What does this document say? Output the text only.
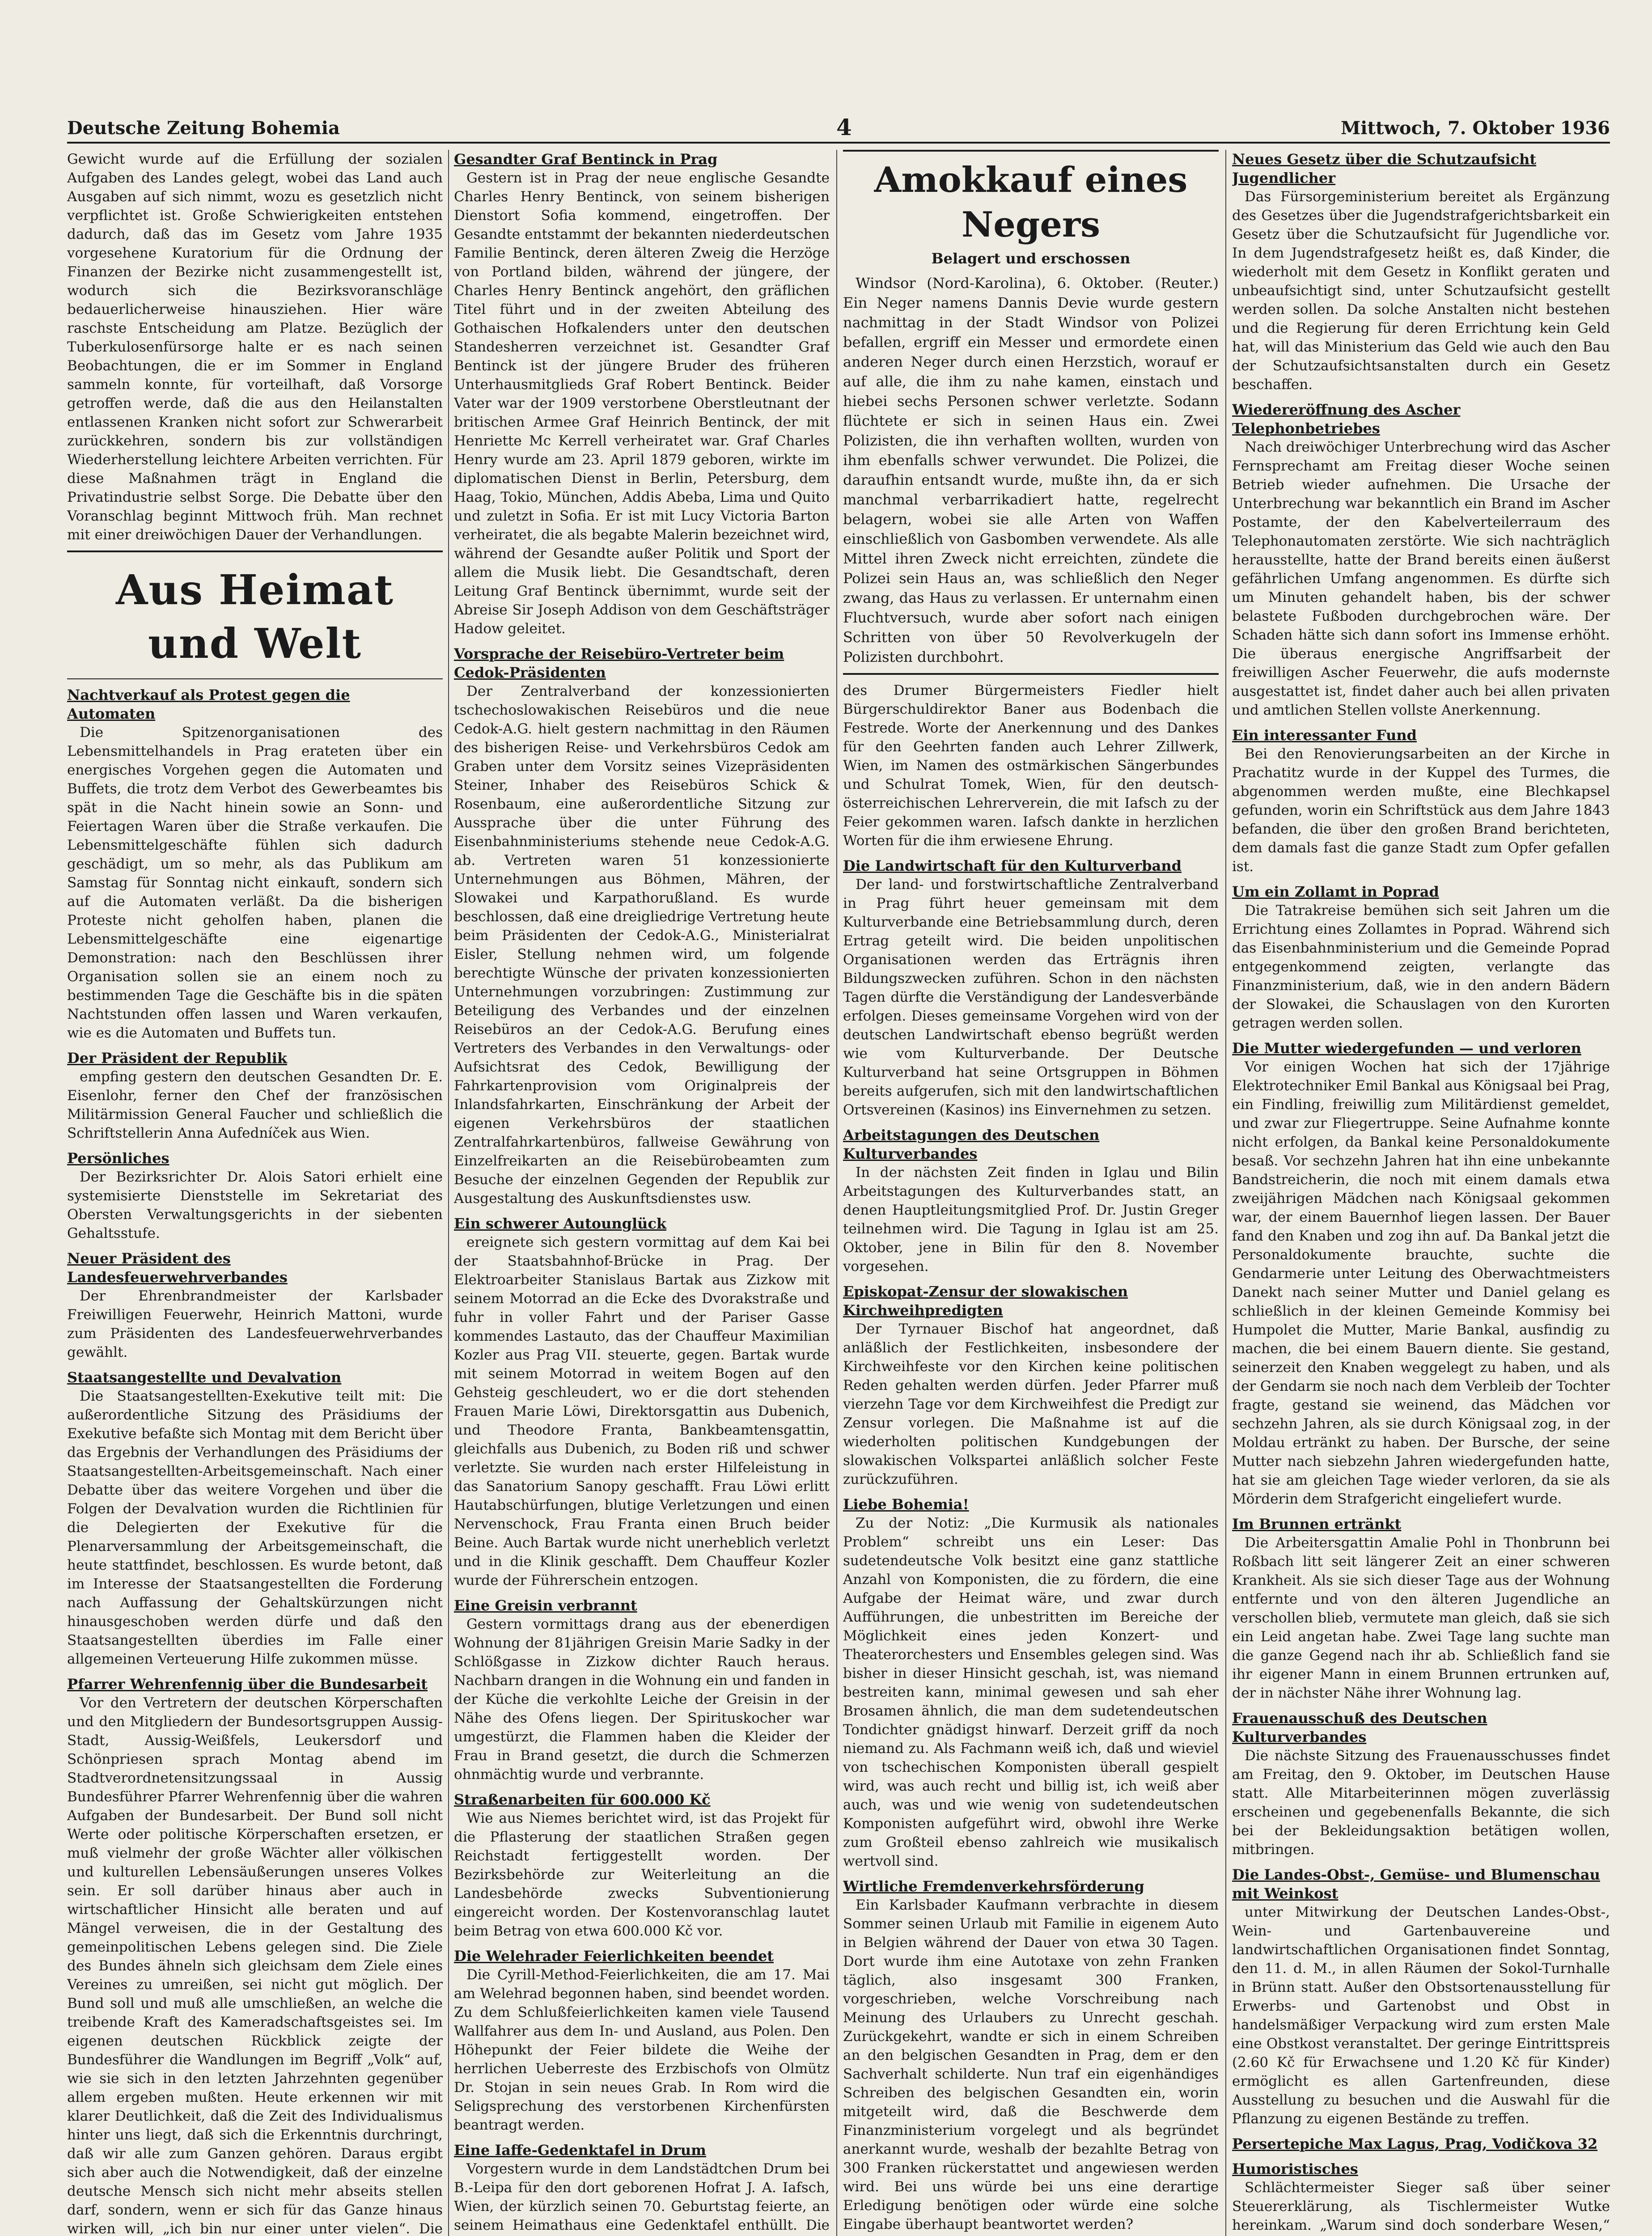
Deutsche Zeitung Bohemia	4	Mittwoch, 7. Oktober 1936
Gewicht wurde auf die Erfüllung der sozialen Aufgaben des Landes gelegt, wobei das Land auch Ausgaben auf sich nimmt, wozu es gesetzlich nicht verpflichtet ist. Große Schwierigkeiten entstehen dadurch, daß das im Gesetz vom Jahre 1935 vorgesehene Kuratorium für die Ordnung der Finanzen der Bezirke nicht zusammengestellt ist, wodurch sich die Bezirksvoranschläge bedauerlicherweise hinausziehen. Hier wäre raschste Entscheidung am Platze. Bezüglich der Tuberkulosenfürsorge halte er es nach seinen Beobachtungen, die er im Sommer in England sammeln konnte, für vorteilhaft, daß Vorsorge getroffen werde, daß die aus den Heilanstalten entlassenen Kranken nicht sofort zur Schwerarbeit zurückkehren, sondern bis zur vollständigen Wiederherstellung leichtere Arbeiten verrichten. Für diese Maßnahmen trägt in England die Privatindustrie selbst Sorge. Die Debatte über den Voranschlag beginnt Mittwoch früh. Man rechnet mit einer dreiwöchigen Dauer der Verhandlungen.
Aus Heimat und Welt
Nachtverkauf als Protest gegen die Automaten
Die Spitzenorganisationen des Lebensmittelhandels in Prag erateten über ein energisches Vorgehen gegen die Automaten und Buffets, die trotz dem Verbot des Gewerbeamtes bis spät in die Nacht hinein sowie an Sonn- und Feiertagen Waren über die Straße verkaufen. Die Lebensmittelgeschäfte fühlen sich dadurch geschädigt, um so mehr, als das Publikum am Samstag für Sonntag nicht einkauft, sondern sich auf die Automaten verläßt. Da die bisherigen Proteste nicht geholfen haben, planen die Lebensmittelgeschäfte eine eigenartige Demonstration: nach den Beschlüssen ihrer Organisation sollen sie an einem noch zu bestimmenden Tage die Geschäfte bis in die späten Nachtstunden offen lassen und Waren verkaufen, wie es die Automaten und Buffets tun.
Der Präsident der Republik
empfing gestern den deutschen Gesandten Dr. E. Eisenlohr, ferner den Chef der französischen Militärmission General Faucher und schließlich die Schriftstellerin Anna Aufedníček aus Wien.
Persönliches
Der Bezirksrichter Dr. Alois Satori erhielt eine systemisierte Dienststelle im Sekretariat des Obersten Verwaltungsgerichts in der siebenten Gehaltsstufe.
Neuer Präsident des Landesfeuerwehrverbandes
Der Ehrenbrandmeister der Karlsbader Freiwilligen Feuerwehr, Heinrich Mattoni, wurde zum Präsidenten des Landesfeuerwehrverbandes gewählt.
Staatsangestellte und Devalvation
Die Staatsangestellten-Exekutive teilt mit: Die außerordentliche Sitzung des Präsidiums der Exekutive befaßte sich Montag mit dem Bericht über das Ergebnis der Verhandlungen des Präsidiums der Staatsangestellten-Arbeitsgemeinschaft. Nach einer Debatte über das weitere Vorgehen und über die Folgen der Devalvation wurden die Richtlinien für die Delegierten der Exekutive für die Plenarversammlung der Arbeitsgemeinschaft, die heute stattfindet, beschlossen. Es wurde betont, daß im Interesse der Staatsangestellten die Forderung nach Auffassung der Gehaltskürzungen nicht hinausgeschoben werden dürfe und daß den Staatsangestellten überdies im Falle einer allgemeinen Verteuerung Hilfe zukommen müsse.
Pfarrer Wehrenfennig über die Bundesarbeit
Vor den Vertretern der deutschen Körperschaften und den Mitgliedern der Bundesortsgruppen Aussig-Stadt, Aussig-Weißfels, Leukersdorf und Schönpriesen sprach Montag abend im Stadtverordnetensitzungssaal in Aussig Bundesführer Pfarrer Wehrenfennig über die wahren Aufgaben der Bundesarbeit. Der Bund soll nicht Werte oder politische Körperschaften ersetzen, er muß vielmehr der große Wächter aller völkischen und kulturellen Lebensäußerungen unseres Volkes sein. Er soll darüber hinaus aber auch in wirtschaftlicher Hinsicht alle beraten und auf Mängel verweisen, die in der Gestaltung des gemeinpolitischen Lebens gelegen sind. Die Ziele des Bundes ähneln sich gleichsam dem Ziele eines Vereines zu umreißen, sei nicht gut möglich. Der Bund soll und muß alle umschließen, an welche die treibende Kraft des Kameradschaftsgeistes sei. Im eigenen deutschen Rückblick zeigte der Bundesführer die Wandlungen im Begriff „Volk“ auf, wie sie sich in den letzten Jahrzehnten gegenüber allem ergeben mußten. Heute erkennen wir mit klarer Deutlichkeit, daß die Zeit des Individualismus hinter uns liegt, daß sich die Erkenntnis durchringt, daß wir alle zum Ganzen gehören. Daraus ergibt sich aber auch die Notwendigkeit, daß der einzelne deutsche Mensch sich nicht mehr abseits stellen darf, sondern, wenn er sich für das Ganze hinaus wirken will, „ich bin nur einer unter vielen“. Die
Gesandter Graf Bentinck in Prag
Gestern ist in Prag der neue englische Gesandte Charles Henry Bentinck, von seinem bisherigen Dienstort Sofia kommend, eingetroffen. Der Gesandte entstammt der bekannten niederdeutschen Familie Bentinck, deren älteren Zweig die Herzöge von Portland bilden, während der jüngere, der Charles Henry Bentinck angehört, den gräflichen Titel führt und in der zweiten Abteilung des Gothaischen Hofkalenders unter den deutschen Standesherren verzeichnet ist. Gesandter Graf Bentinck ist der jüngere Bruder des früheren Unterhausmitglieds Graf Robert Bentinck. Beider Vater war der 1909 verstorbene Oberstleutnant der britischen Armee Graf Heinrich Bentinck, der mit Henriette Mc Kerrell verheiratet war. Graf Charles Henry wurde am 23. April 1879 geboren, wirkte im diplomatischen Dienst in Berlin, Petersburg, dem Haag, Tokio, München, Addis Abeba, Lima und Quito und zuletzt in Sofia. Er ist mit Lucy Victoria Barton verheiratet, die als begabte Malerin bezeichnet wird, während der Gesandte außer Politik und Sport der allem die Musik liebt. Die Gesandtschaft, deren Leitung Graf Bentinck übernimmt, wurde seit der Abreise Sir Joseph Addison von dem Geschäftsträger Hadow geleitet.
Vorsprache der Reisebüro-Vertreter beim Cedok-Präsidenten
Der Zentralverband der konzessionierten tschechoslowakischen Reisebüros und die neue Cedok-A.G. hielt gestern nachmittag in den Räumen des bisherigen Reise- und Verkehrsbüros Cedok am Graben unter dem Vorsitz seines Vizepräsidenten Steiner, Inhaber des Reisebüros Schick & Rosenbaum, eine außerordentliche Sitzung zur Aussprache über die unter Führung des Eisenbahnministeriums stehende neue Cedok-A.G. ab. Vertreten waren 51 konzessionierte Unternehmungen aus Böhmen, Mähren, der Slowakei und Karpathorußland. Es wurde beschlossen, daß eine dreigliedrige Vertretung heute beim Präsidenten der Cedok-A.G., Ministerialrat Eisler, Stellung nehmen wird, um folgende berechtigte Wünsche der privaten konzessionierten Unternehmungen vorzubringen: Zustimmung zur Beteiligung des Verbandes und der einzelnen Reisebüros an der Cedok-A.G. Berufung eines Vertreters des Verbandes in den Verwaltungs- oder Aufsichtsrat des Cedok, Bewilligung der Fahrkartenprovision vom Originalpreis der Inlandsfahrkarten, Einschränkung der Arbeit der eigenen Verkehrsbüros der staatlichen Zentralfahrkartenbüros, fallweise Gewährung von Einzelfreikarten an die Reisebürobeamten zum Besuche der einzelnen Gegenden der Republik zur Ausgestaltung des Auskunftsdienstes usw.
Ein schwerer Autounglück
ereignete sich gestern vormittag auf dem Kai bei der Staatsbahnhof-Brücke in Prag. Der Elektroarbeiter Stanislaus Bartak aus Zizkow mit seinem Motorrad an die Ecke des Dvorakstraße und fuhr in voller Fahrt und der Pariser Gasse kommendes Lastauto, das der Chauffeur Maximilian Kozler aus Prag VII. steuerte, gegen. Bartak wurde mit seinem Motorrad in weitem Bogen auf den Gehsteig geschleudert, wo er die dort stehenden Frauen Marie Löwi, Direktorsgattin aus Dubenich, und Theodore Franta, Bankbeamtensgattin, gleichfalls aus Dubenich, zu Boden riß und schwer verletzte. Sie wurden nach erster Hilfeleistung in das Sanatorium Sanopy geschafft. Frau Löwi erlitt Hautabschürfungen, blutige Verletzungen und einen Nervenschock, Frau Franta einen Bruch beider Beine. Auch Bartak wurde nicht unerheblich verletzt und in die Klinik geschafft. Dem Chauffeur Kozler wurde der Führerschein entzogen.
Eine Greisin verbrannt
Gestern vormittags drang aus der ebenerdigen Wohnung der 81jährigen Greisin Marie Sadky in der Schlößgasse in Zizkow dichter Rauch heraus. Nachbarn drangen in die Wohnung ein und fanden in der Küche die verkohlte Leiche der Greisin in der Nähe des Ofens liegen. Der Spirituskocher war umgestürzt, die Flammen haben die Kleider der Frau in Brand gesetzt, die durch die Schmerzen ohnmächtig wurde und verbrannte.
Straßenarbeiten für 600.000 Kč
Wie aus Niemes berichtet wird, ist das Projekt für die Pflasterung der staatlichen Straßen gegen Reichstadt fertiggestellt worden. Der Bezirksbehörde zur Weiterleitung an die Landesbehörde zwecks Subventionierung eingereicht worden. Der Kostenvoranschlag lautet beim Betrag von etwa 600.000 Kč vor.
Die Welehrader Feierlichkeiten beendet
Die Cyrill-Method-Feierlichkeiten, die am 17. Mai am Welehrad begonnen haben, sind beendet worden. Zu dem Schlußfeierlichkeiten kamen viele Tausend Wallfahrer aus dem In- und Ausland, aus Polen. Den Höhepunkt der Feier bildete die Weihe der herrlichen Ueberreste des Erzbischofs von Olmütz Dr. Stojan in sein neues Grab. In Rom wird die Seligsprechung des verstorbenen Kirchenfürsten beantragt werden.
Eine Iaffe-Gedenktafel in Drum
Vorgestern wurde in dem Landstädtchen Drum bei B.-Leipa für den dort geborenen Hofrat J. A. Iafsch, Wien, der kürzlich seinen 70. Geburtstag feierte, an seinem Heimathaus eine Gedenktafel enthüllt. Die
Amokkauf eines Negers
Belagert und erschossen
Windsor (Nord-Karolina), 6. Oktober. (Reuter.) Ein Neger namens Dannis Devie wurde gestern nachmittag in der Stadt Windsor von Polizei befallen, ergriff ein Messer und ermordete einen anderen Neger durch einen Herzstich, worauf er auf alle, die ihm zu nahe kamen, einstach und hiebei sechs Personen schwer verletzte. Sodann flüchtete er sich in seinen Haus ein. Zwei Polizisten, die ihn verhaften wollten, wurden von ihm ebenfalls schwer verwundet. Die Polizei, die daraufhin entsandt wurde, mußte ihn, da er sich manchmal verbarrikadiert hatte, regelrecht belagern, wobei sie alle Arten von Waffen einschließlich von Gasbomben verwendete. Als alle Mittel ihren Zweck nicht erreichten, zündete die Polizei sein Haus an, was schließlich den Neger zwang, das Haus zu verlassen. Er unternahm einen Fluchtversuch, wurde aber sofort nach einigen Schritten von über 50 Revolverkugeln der Polizisten durchbohrt.
des Drumer Bürgermeisters Fiedler hielt Bürgerschuldirektor Baner aus Bodenbach die Festrede. Worte der Anerkennung und des Dankes für den Geehrten fanden auch Lehrer Zillwerk, Wien, im Namen des ostmärkischen Sängerbundes und Schulrat Tomek, Wien, für den deutsch-österreichischen Lehrerverein, die mit Iafsch zu der Feier gekommen waren. Iafsch dankte in herzlichen Worten für die ihm erwiesene Ehrung.
Die Landwirtschaft für den Kulturverband
Der land- und forstwirtschaftliche Zentralverband in Prag führt heuer gemeinsam mit dem Kulturverbande eine Betriebsammlung durch, deren Ertrag geteilt wird. Die beiden unpolitischen Organisationen werden das Erträgnis ihren Bildungszwecken zuführen. Schon in den nächsten Tagen dürfte die Verständigung der Landesverbände erfolgen. Dieses gemeinsame Vorgehen wird von der deutschen Landwirtschaft ebenso begrüßt werden wie vom Kulturverbande. Der Deutsche Kulturverband hat seine Ortsgruppen in Böhmen bereits aufgerufen, sich mit den landwirtschaftlichen Ortsvereinen (Kasinos) ins Einvernehmen zu setzen.
Arbeitstagungen des Deutschen Kulturverbandes
In der nächsten Zeit finden in Iglau und Bilin Arbeitstagungen des Kulturverbandes statt, an denen Hauptleitungsmitglied Prof. Dr. Justin Greger teilnehmen wird. Die Tagung in Iglau ist am 25. Oktober, jene in Bilin für den 8. November vorgesehen.
Episkopat-Zensur der slowakischen Kirchweihpredigten
Der Tyrnauer Bischof hat angeordnet, daß anläßlich der Festlichkeiten, insbesondere der Kirchweihfeste vor den Kirchen keine politischen Reden gehalten werden dürfen. Jeder Pfarrer muß vierzehn Tage vor dem Kirchweihfest die Predigt zur Zensur vorlegen. Die Maßnahme ist auf die wiederholten politischen Kundgebungen der slowakischen Volkspartei anläßlich solcher Feste zurückzuführen.
Liebe Bohemia!
Zu der Notiz: „Die Kurmusik als nationales Problem“ schreibt uns ein Leser: Das sudetendeutsche Volk besitzt eine ganz stattliche Anzahl von Komponisten, die zu fördern, die eine Aufgabe der Heimat wäre, und zwar durch Aufführungen, die unbestritten im Bereiche der Möglichkeit eines jeden Konzert- und Theaterorchesters und Ensembles gelegen sind. Was bisher in dieser Hinsicht geschah, ist, was niemand bestreiten kann, minimal gewesen und sah eher Brosamen ähnlich, die man dem sudetendeutschen Tondichter gnädigst hinwarf. Derzeit griff da noch niemand zu. Als Fachmann weiß ich, daß und wieviel von tschechischen Komponisten überall gespielt wird, was auch recht und billig ist, ich weiß aber auch, was und wie wenig von sudetendeutschen Komponisten aufgeführt wird, obwohl ihre Werke zum Großteil ebenso zahlreich wie musikalisch wertvoll sind.
Wirtliche Fremdenverkehrsförderung
Ein Karlsbader Kaufmann verbrachte in diesem Sommer seinen Urlaub mit Familie in eigenem Auto in Belgien während der Dauer von etwa 30 Tagen. Dort wurde ihm eine Autotaxe von zehn Franken täglich, also insgesamt 300 Franken, vorgeschrieben, welche Vorschreibung nach Meinung des Urlaubers zu Unrecht geschah. Zurückgekehrt, wandte er sich in einem Schreiben an den belgischen Gesandten in Prag, dem er den Sachverhalt schilderte. Nun traf ein eigenhändiges Schreiben des belgischen Gesandten ein, worin mitgeteilt wird, daß die Beschwerde dem Finanzministerium vorgelegt und als begründet anerkannt wurde, weshalb der bezahlte Betrag von 300 Franken rückerstattet und angewiesen werden wird. Bei uns würde bei uns eine derartige Erledigung benötigen oder würde eine solche Eingabe überhaupt beantwortet werden?
Neues Gesetz über die Schutzaufsicht Jugendlicher
Das Fürsorgeministerium bereitet als Ergänzung des Gesetzes über die Jugendstrafgerichtsbarkeit ein Gesetz über die Schutzaufsicht für Jugendliche vor. In dem Jugendstrafgesetz heißt es, daß Kinder, die wiederholt mit dem Gesetz in Konflikt geraten und unbeaufsichtigt sind, unter Schutzaufsicht gestellt werden sollen. Da solche Anstalten nicht bestehen und die Regierung für deren Errichtung kein Geld hat, will das Ministerium das Geld wie auch den Bau der Schutzaufsichtsanstalten durch ein Gesetz beschaffen.
Wiedereröffnung des Ascher Telephonbetriebes
Nach dreiwöchiger Unterbrechung wird das Ascher Fernsprechamt am Freitag dieser Woche seinen Betrieb wieder aufnehmen. Die Ursache der Unterbrechung war bekanntlich ein Brand im Ascher Postamte, der den Kabelverteilerraum des Telephonautomaten zerstörte. Wie sich nachträglich herausstellte, hatte der Brand bereits einen äußerst gefährlichen Umfang angenommen. Es dürfte sich um Minuten gehandelt haben, bis der schwer belastete Fußboden durchgebrochen wäre. Der Schaden hätte sich dann sofort ins Immense erhöht. Die überaus energische Angriffsarbeit der freiwilligen Ascher Feuerwehr, die aufs modernste ausgestattet ist, findet daher auch bei allen privaten und amtlichen Stellen vollste Anerkennung.
Ein interessanter Fund
Bei den Renovierungsarbeiten an der Kirche in Prachatitz wurde in der Kuppel des Turmes, die abgenommen werden mußte, eine Blechkapsel gefunden, worin ein Schriftstück aus dem Jahre 1843 befanden, die über den großen Brand berichteten, dem damals fast die ganze Stadt zum Opfer gefallen ist.
Um ein Zollamt in Poprad
Die Tatrakreise bemühen sich seit Jahren um die Errichtung eines Zollamtes in Poprad. Während sich das Eisenbahnministerium und die Gemeinde Poprad entgegenkommend zeigten, verlangte das Finanzministerium, daß, wie in den andern Bädern der Slowakei, die Schauslagen von den Kurorten getragen werden sollen.
Die Mutter wiedergefunden — und verloren
Vor einigen Wochen hat sich der 17jährige Elektrotechniker Emil Bankal aus Königsaal bei Prag, ein Findling, freiwillig zum Militärdienst gemeldet, und zwar zur Fliegertruppe. Seine Aufnahme konnte nicht erfolgen, da Bankal keine Personaldokumente besaß. Vor sechzehn Jahren hat ihn eine unbekannte Bandstreicherin, die noch mit einem damals etwa zweijährigen Mädchen nach Königsaal gekommen war, der einem Bauernhof liegen lassen. Der Bauer fand den Knaben und zog ihn auf. Da Bankal jetzt die Personaldokumente brauchte, suchte die Gendarmerie unter Leitung des Oberwachtmeisters Danekt nach seiner Mutter und Daniel gelang es schließlich in der kleinen Gemeinde Kommisy bei Humpolet die Mutter, Marie Bankal, ausfindig zu machen, die bei einem Bauern diente. Sie gestand, seinerzeit den Knaben weggelegt zu haben, und als der Gendarm sie noch nach dem Verbleib der Tochter fragte, gestand sie weinend, das Mädchen vor sechzehn Jahren, als sie durch Königsaal zog, in der Moldau ertränkt zu haben. Der Bursche, der seine Mutter nach siebzehn Jahren wiedergefunden hatte, hat sie am gleichen Tage wieder verloren, da sie als Mörderin dem Strafgericht eingeliefert wurde.
Im Brunnen ertränkt
Die Arbeitersgattin Amalie Pohl in Thonbrunn bei Roßbach litt seit längerer Zeit an einer schweren Krankheit. Als sie sich dieser Tage aus der Wohnung entfernte und von den älteren Jugendliche an verschollen blieb, vermutete man gleich, daß sie sich ein Leid angetan habe. Zwei Tage lang suchte man die ganze Gegend nach ihr ab. Schließlich fand sie ihr eigener Mann in einem Brunnen ertrunken auf, der in nächster Nähe ihrer Wohnung lag.
Frauenausschuß des Deutschen Kulturverbandes
Die nächste Sitzung des Frauenausschusses findet am Freitag, den 9. Oktober, im Deutschen Hause statt. Alle Mitarbeiterinnen mögen zuverlässig erscheinen und gegebenenfalls Bekannte, die sich bei der Bekleidungsaktion betätigen wollen, mitbringen.
Die Landes-Obst-, Gemüse- und Blumenschau mit Weinkost
unter Mitwirkung der Deutschen Landes-Obst-, Wein- und Gartenbauvereine und landwirtschaftlichen Organisationen findet Sonntag, den 11. d. M., in allen Räumen der Sokol-Turnhalle in Brünn statt. Außer den Obstsortenausstellung für Erwerbs- und Gartenobst und Obst in handelsmäßiger Verpackung wird zum ersten Male eine Obstkost veranstaltet. Der geringe Eintrittspreis (2.60 Kč für Erwachsene und 1.20 Kč für Kinder) ermöglicht es allen Gartenfreunden, diese Ausstellung zu besuchen und die Auswahl für die Pflanzung zu eigenen Bestände zu treffen.
Persertepiche Max Lagus, Prag, Vodičkova 32
Humoristisches
Schlächtermeister Sieger saß über seiner Steuererklärung, als Tischlermeister Wutke hereinkam. „Warum sind doch sonderbare Wesen,“
